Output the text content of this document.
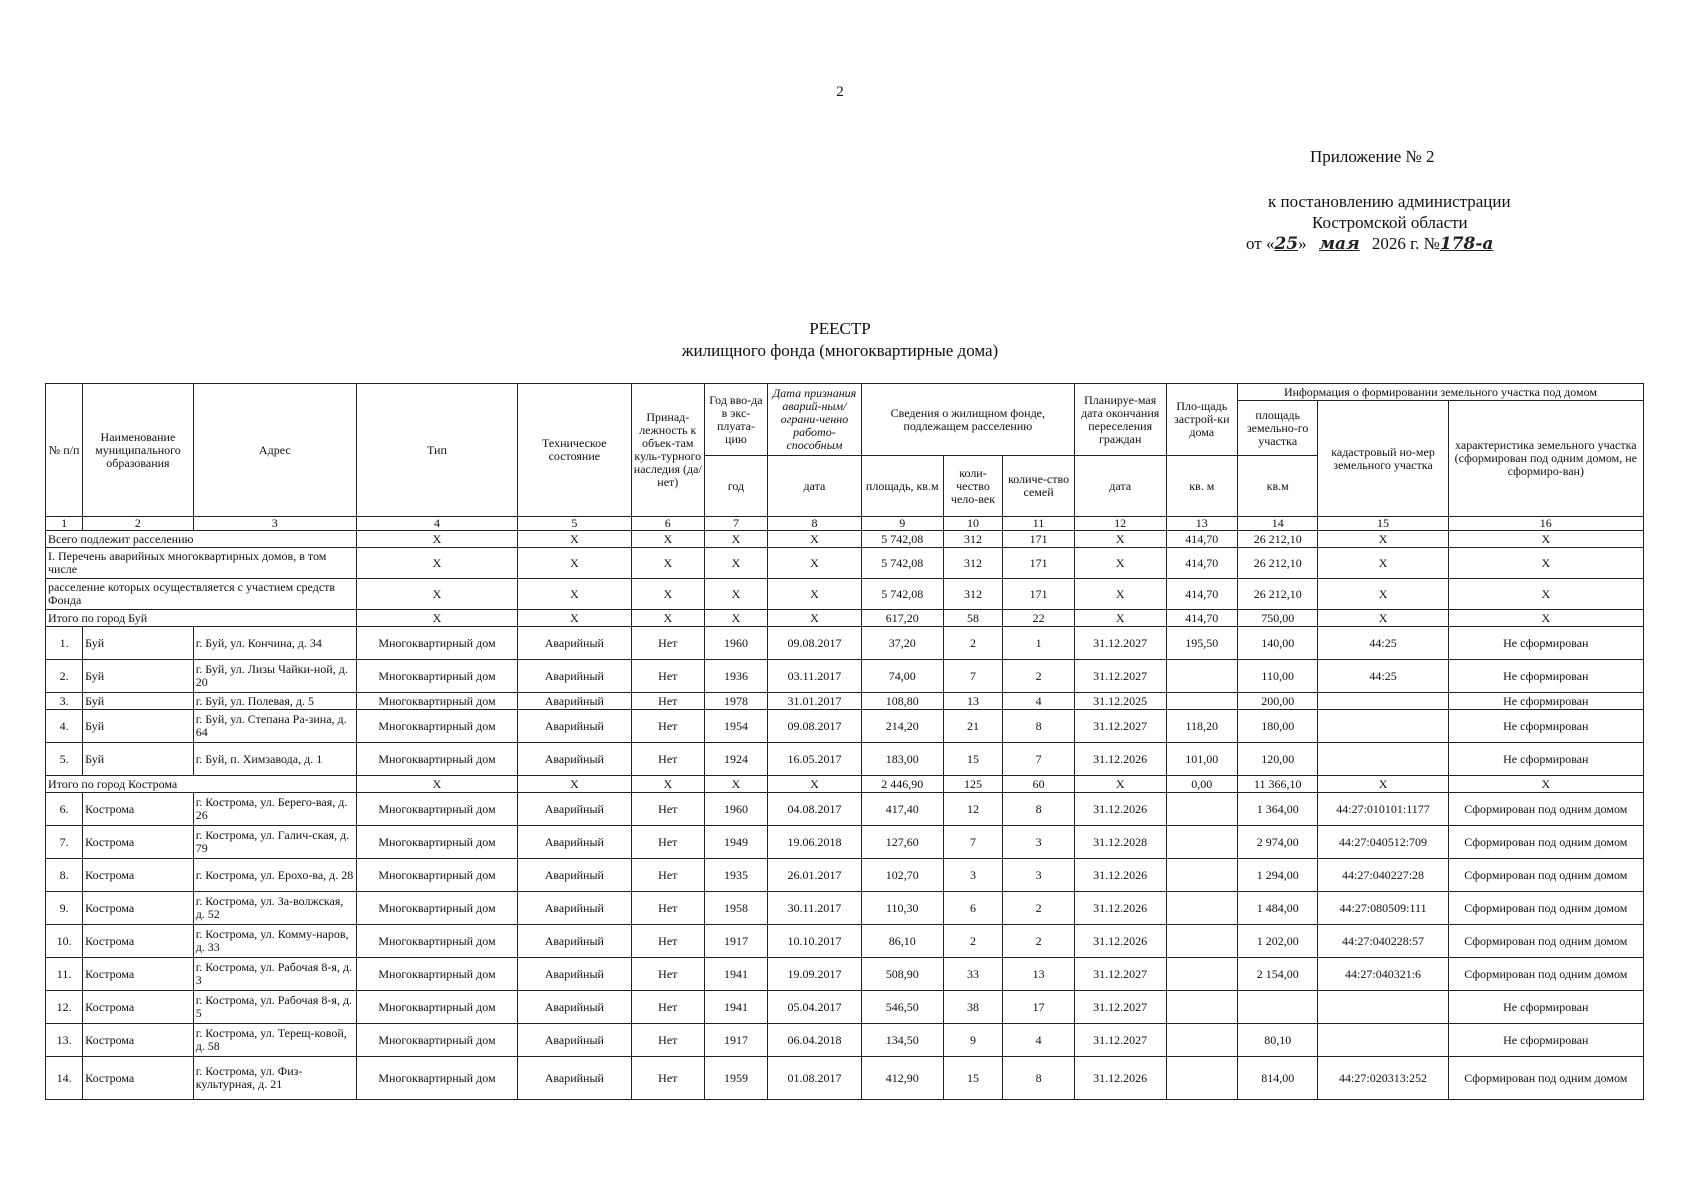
2
Приложение № 2
к постановлению администрации
Костромской области
от «25» мая 2026 г. №178-а
РЕЕСТР
жилищного фонда (многоквартирные дома)
№ п/п	Наименование муниципального образования	Адрес	Тип	Техническое состояние	Принад-лежность к объек-там куль-турного наследия (да/нет)	Год вво-да в экс-плуата-цию	Дата признания аварий-ным/ограни-ченно работо-способным	Сведения о жилищном фонде, подлежащем расселению			Планируе-мая дата окончания переселения граждан	Пло-щадь застрой-ки дома	Информация о формировании земельного участка под домом		
													площадь земельно-го участка	кадастровый но-мер земельного участка	характеристика земельного участка (сформирован под одним домом, не сформиро-ван)
						год	дата	площадь, кв.м	коли-чество чело-век	количе-ство семей	дата	кв. м	кв.м		
1	2	3	4	5	6	7	8	9	10	11	12	13	14	15	16
Всего подлежит расселению			X	X	X	X	X	5 742,08	312	171	X	414,70	26 212,10	X	X
I. Перечень аварийных многоквартирных домов, в том числе			X	X	X	X	X	5 742,08	312	171	X	414,70	26 212,10	X	X
расселение которых осуществляется с участием средств Фонда			X	X	X	X	X	5 742,08	312	171	X	414,70	26 212,10	X	X
Итого по город Буй			X	X	X	X	X	617,20	58	22	X	414,70	750,00	X	X
1.	Буй	г. Буй, ул. Кончина, д. 34	Многоквартирный дом	Аварийный	Нет	1960	09.08.2017	37,20	2	1	31.12.2027	195,50	140,00	44:25	Не сформирован
2.	Буй	г. Буй, ул. Лизы Чайки-ной, д. 20	Многоквартирный дом	Аварийный	Нет	1936	03.11.2017	74,00	7	2	31.12.2027		110,00	44:25	Не сформирован
3.	Буй	г. Буй, ул. Полевая, д. 5	Многоквартирный дом	Аварийный	Нет	1978	31.01.2017	108,80	13	4	31.12.2025		200,00		Не сформирован
4.	Буй	г. Буй, ул. Степана Ра-зина, д. 64	Многоквартирный дом	Аварийный	Нет	1954	09.08.2017	214,20	21	8	31.12.2027	118,20	180,00		Не сформирован
5.	Буй	г. Буй, п. Химзавода, д. 1	Многоквартирный дом	Аварийный	Нет	1924	16.05.2017	183,00	15	7	31.12.2026	101,00	120,00		Не сформирован
Итого по город Кострома			X	X	X	X	X	2 446,90	125	60	X	0,00	11 366,10	X	X
6.	Кострома	г. Кострома, ул. Берего-вая, д. 26	Многоквартирный дом	Аварийный	Нет	1960	04.08.2017	417,40	12	8	31.12.2026		1 364,00	44:27:010101:1177	Сформирован под одним домом
7.	Кострома	г. Кострома, ул. Галич-ская, д. 79	Многоквартирный дом	Аварийный	Нет	1949	19.06.2018	127,60	7	3	31.12.2028		2 974,00	44:27:040512:709	Сформирован под одним домом
8.	Кострома	г. Кострома, ул. Ерохо-ва, д. 28	Многоквартирный дом	Аварийный	Нет	1935	26.01.2017	102,70	3	3	31.12.2026		1 294,00	44:27:040227:28	Сформирован под одним домом
9.	Кострома	г. Кострома, ул. За-волжская, д. 52	Многоквартирный дом	Аварийный	Нет	1958	30.11.2017	110,30	6	2	31.12.2026		1 484,00	44:27:080509:111	Сформирован под одним домом
10.	Кострома	г. Кострома, ул. Комму-наров, д. 33	Многоквартирный дом	Аварийный	Нет	1917	10.10.2017	86,10	2	2	31.12.2026		1 202,00	44:27:040228:57	Сформирован под одним домом
11.	Кострома	г. Кострома, ул. Рабочая 8-я, д. 3	Многоквартирный дом	Аварийный	Нет	1941	19.09.2017	508,90	33	13	31.12.2027		2 154,00	44:27:040321:6	Сформирован под одним домом
12.	Кострома	г. Кострома, ул. Рабочая 8-я, д. 5	Многоквартирный дом	Аварийный	Нет	1941	05.04.2017	546,50	38	17	31.12.2027				Не сформирован
13.	Кострома	г. Кострома, ул. Терещ-ковой, д. 58	Многоквартирный дом	Аварийный	Нет	1917	06.04.2018	134,50	9	4	31.12.2027		80,10		Не сформирован
14.	Кострома	г. Кострома, ул. Физ-культурная, д. 21	Многоквартирный дом	Аварийный	Нет	1959	01.08.2017	412,90	15	8	31.12.2026		814,00	44:27:020313:252	Сформирован под одним домом
